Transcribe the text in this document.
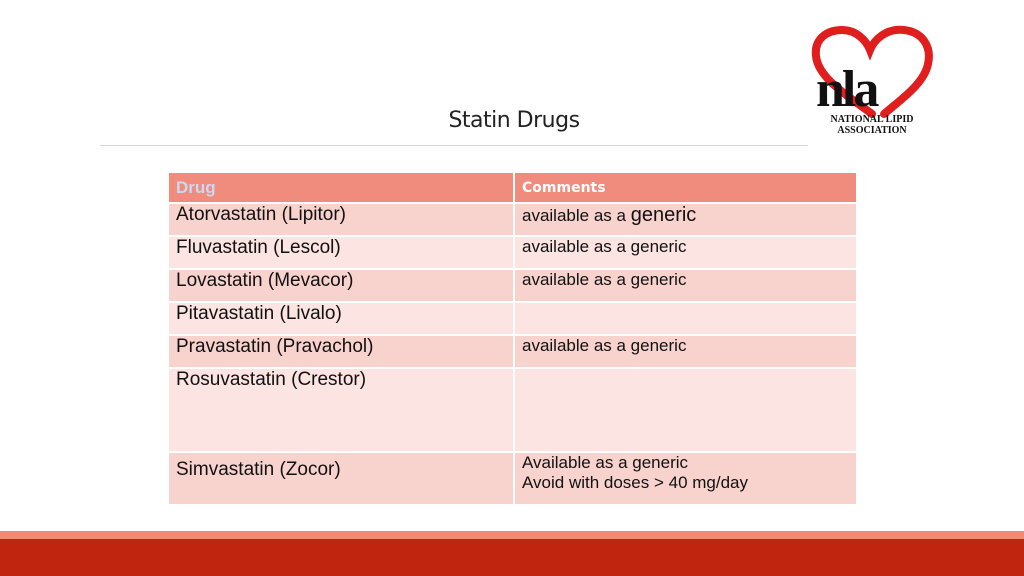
Statin Drugs
nla
NATIONAL LIPID
ASSOCIATION
Drug	Comments
Atorvastatin (Lipitor)	available as a generic
Fluvastatin (Lescol)	available as a generic
Lovastatin (Mevacor)	available as a generic
Pitavastatin (Livalo)	
Pravastatin (Pravachol)	available as a generic
Rosuvastatin (Crestor)	
Simvastatin (Zocor)	Available as a generic
Avoid with doses > 40 mg/day
